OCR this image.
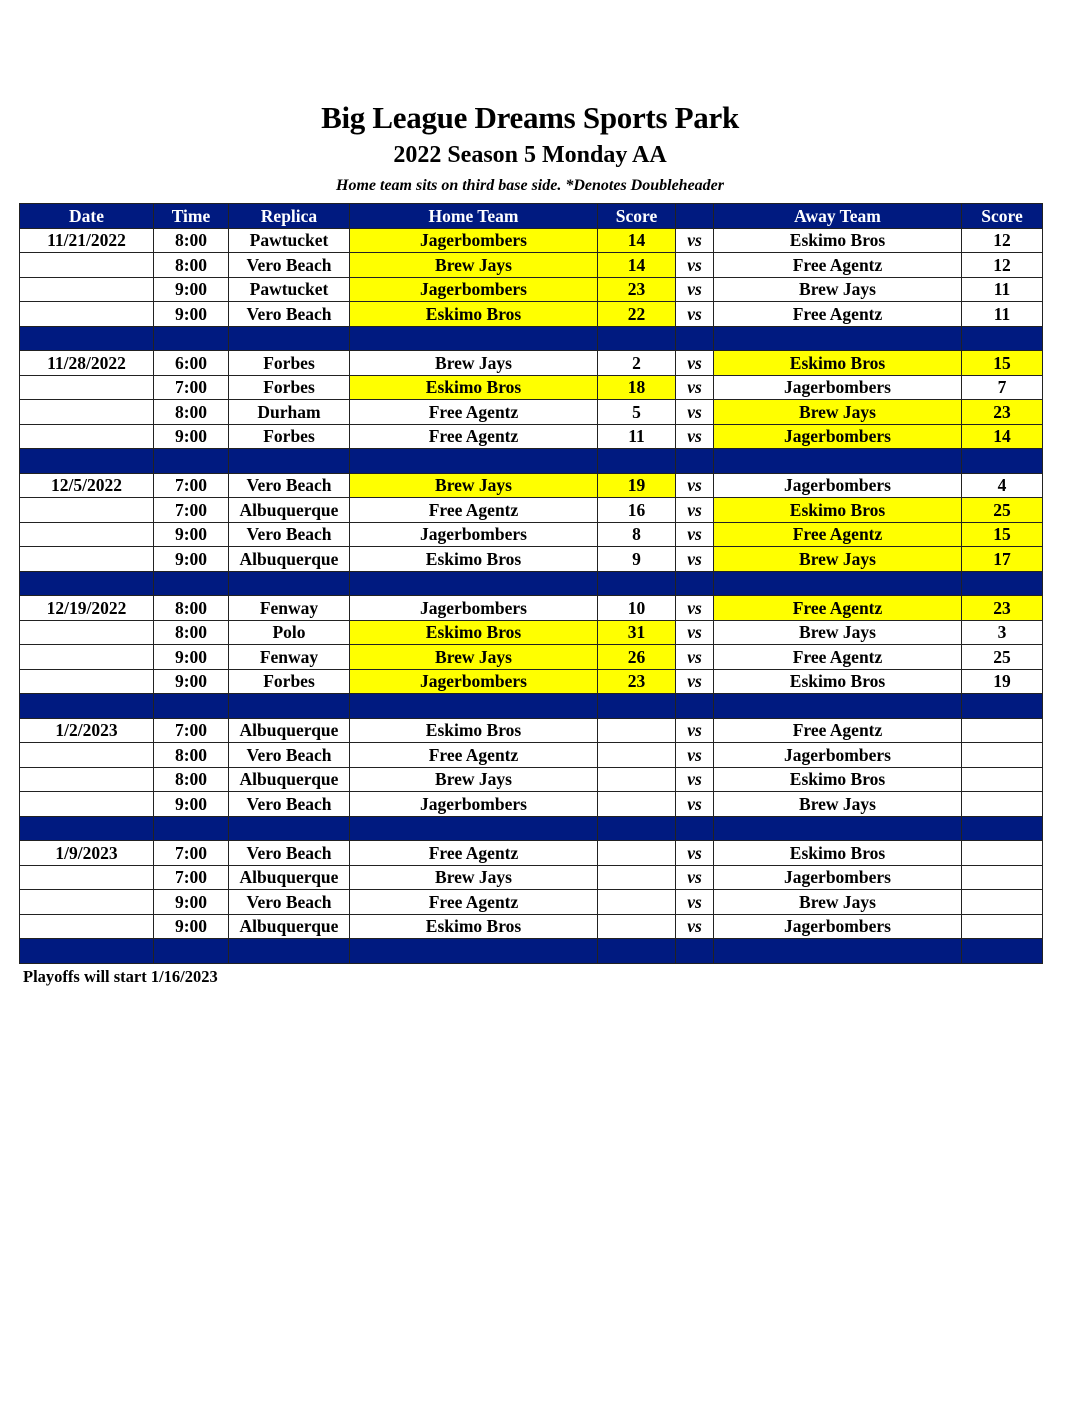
Big League Dreams Sports Park
2022 Season 5 Monday AA
Home team sits on third base side. *Denotes Doubleheader
Date	Time	Replica	Home Team	Score		Away Team	Score
11/21/2022	8:00	Pawtucket	Jagerbombers	14	vs	Eskimo Bros	12
	8:00	Vero Beach	Brew Jays	14	vs	Free Agentz	12
	9:00	Pawtucket	Jagerbombers	23	vs	Brew Jays	11
	9:00	Vero Beach	Eskimo Bros	22	vs	Free Agentz	11

11/28/2022	6:00	Forbes	Brew Jays	2	vs	Eskimo Bros	15
	7:00	Forbes	Eskimo Bros	18	vs	Jagerbombers	7
	8:00	Durham	Free Agentz	5	vs	Brew Jays	23
	9:00	Forbes	Free Agentz	11	vs	Jagerbombers	14

12/5/2022	7:00	Vero Beach	Brew Jays	19	vs	Jagerbombers	4
	7:00	Albuquerque	Free Agentz	16	vs	Eskimo Bros	25
	9:00	Vero Beach	Jagerbombers	8	vs	Free Agentz	15
	9:00	Albuquerque	Eskimo Bros	9	vs	Brew Jays	17

12/19/2022	8:00	Fenway	Jagerbombers	10	vs	Free Agentz	23
	8:00	Polo	Eskimo Bros	31	vs	Brew Jays	3
	9:00	Fenway	Brew Jays	26	vs	Free Agentz	25
	9:00	Forbes	Jagerbombers	23	vs	Eskimo Bros	19

1/2/2023	7:00	Albuquerque	Eskimo Bros		vs	Free Agentz	
	8:00	Vero Beach	Free Agentz		vs	Jagerbombers	
	8:00	Albuquerque	Brew Jays		vs	Eskimo Bros	
	9:00	Vero Beach	Jagerbombers		vs	Brew Jays	

1/9/2023	7:00	Vero Beach	Free Agentz		vs	Eskimo Bros	
	7:00	Albuquerque	Brew Jays		vs	Jagerbombers	
	9:00	Vero Beach	Free Agentz		vs	Brew Jays	
	9:00	Albuquerque	Eskimo Bros		vs	Jagerbombers	

Playoffs will start 1/16/2023
